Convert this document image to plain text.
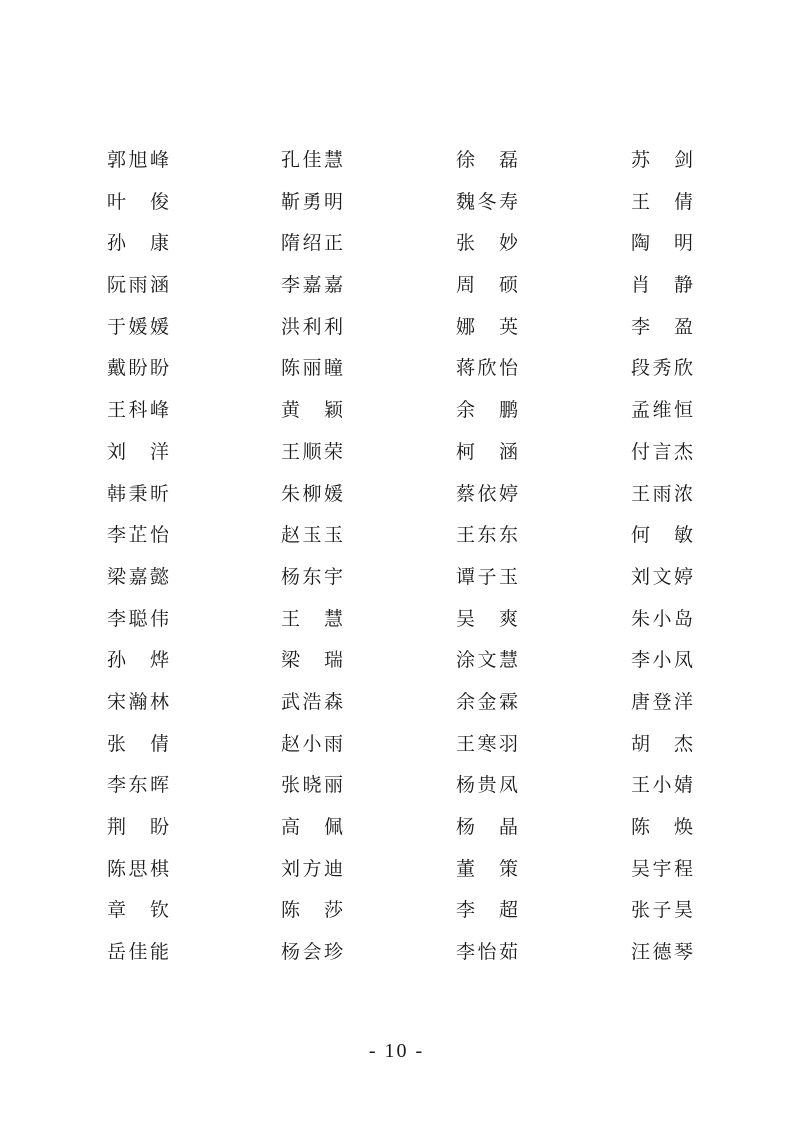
郭 旭 峰	孔 佳 慧	徐 磊	苏 剑
叶 俊	靳 勇 明	魏 冬 寿	王 倩
孙 康	隋 绍 正	张 妙	陶 明
阮 雨 涵	李 嘉 嘉	周 硕	肖 静
于 媛 媛	洪 利 利	娜 英	李 盈
戴 盼 盼	陈 丽 瞳	蒋 欣 怡	段 秀 欣
王 科 峰	黄 颖	余 鹏	孟 维 恒
刘 洋	王 顺 荣	柯 涵	付 言 杰
韩 秉 昕	朱 柳 媛	蔡 依 婷	王 雨 浓
李 芷 怡	赵 玉 玉	王 东 东	何 敏
梁 嘉 懿	杨 东 宇	谭 子 玉	刘 文 婷
李 聪 伟	王 慧	吴 爽	朱 小 岛
孙 烨	梁 瑞	涂 文 慧	李 小 凤
宋 瀚 林	武 浩 森	余 金 霖	唐 登 洋
张 倩	赵 小 雨	王 寒 羽	胡 杰
李 东 晖	张 晓 丽	杨 贵 凤	王 小 婧
荆 盼	高 佩	杨 晶	陈 焕
陈 思 棋	刘 方 迪	董 策	吴 宇 程
章 钦	陈 莎	李 超	张 子 昊
岳 佳 能	杨 会 珍	李 怡 茹	汪 德 琴
- 10 -
